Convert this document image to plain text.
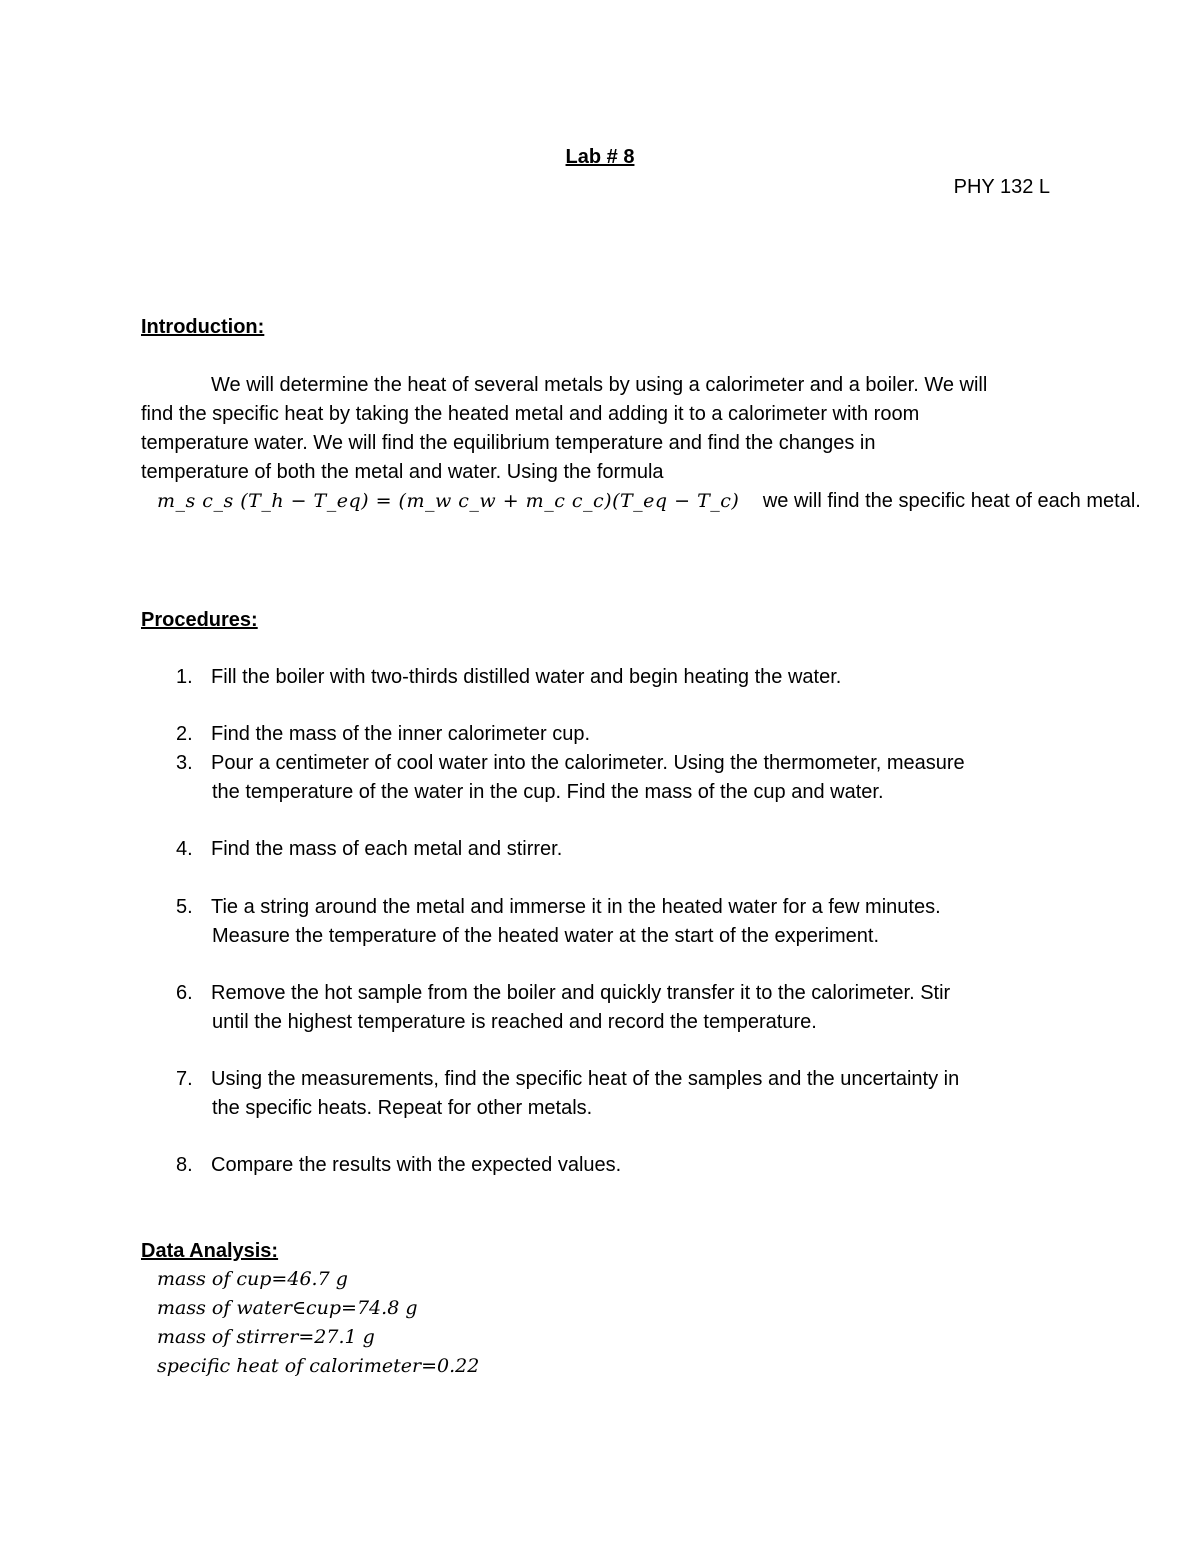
Lab # 8
PHY 132 L
Introduction:
We will determine the heat of several metals by using a calorimeter and a boiler. We will
find the specific heat by taking the heated metal and adding it to a calorimeter with room
temperature water. We will find the equilibrium temperature and find the changes in
temperature of both the metal and water. Using the formula
m_s c_s (T_h − T_eq) = (m_w c_w + m_c c_c)(T_eq − T_c) we will find the specific heat of each metal.
Procedures:
1. Fill the boiler with two-thirds distilled water and begin heating the water.
2. Find the mass of the inner calorimeter cup.
3. Pour a centimeter of cool water into the calorimeter. Using the thermometer, measure
the temperature of the water in the cup. Find the mass of the cup and water.
4. Find the mass of each metal and stirrer.
5. Tie a string around the metal and immerse it in the heated water for a few minutes.
Measure the temperature of the heated water at the start of the experiment.
6. Remove the hot sample from the boiler and quickly transfer it to the calorimeter. Stir
until the highest temperature is reached and record the temperature.
7. Using the measurements, find the specific heat of the samples and the uncertainty in
the specific heats. Repeat for other metals.
8. Compare the results with the expected values.
Data Analysis:
mass of cup=46.7 g
mass of water∈cup=74.8 g
mass of stirrer=27.1 g
specific heat of calorimeter=0.22
